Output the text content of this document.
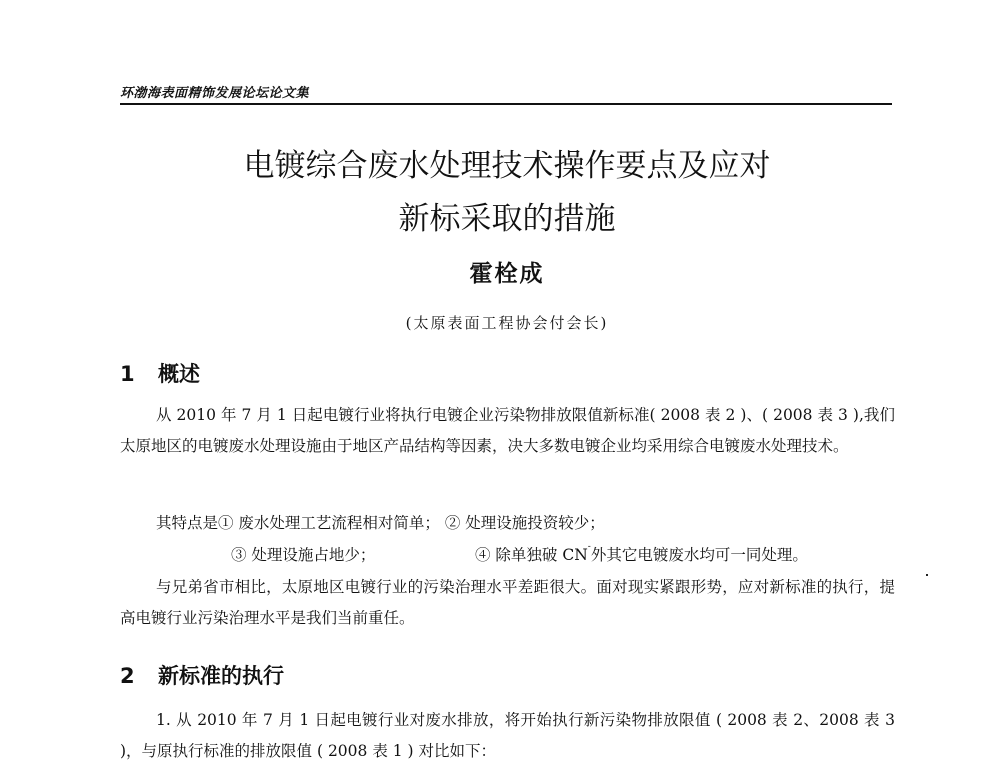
环渤海表面精饰发展论坛论文集
电镀综合废水处理技术操作要点及应对
新标采取的措施
霍栓成
(太原表面工程协会付会长)
1 概述
从 2010 年 7 月 1 日起电镀行业将执行电镀企业污染物排放限值新标准( 2008 表 2 )、( 2008 表 3 ),我们太原地区的电镀废水处理设施由于地区产品结构等因素，决大多数电镀企业均采用综合电镀废水处理技术。
其特点是① 废水处理工艺流程相对简单； ② 处理设施投资较少；
③ 处理设施占地少；	④ 除单独破 CN-外其它电镀废水均可一同处理。
与兄弟省市相比，太原地区电镀行业的污染治理水平差距很大。面对现实紧跟形势，应对新标准的执行，提高电镀行业污染治理水平是我们当前重任。
2 新标准的执行
1. 从 2010 年 7 月 1 日起电镀行业对废水排放，将开始执行新污染物排放限值 ( 2008 表 2、2008 表 3 )，与原执行标准的排放限值 ( 2008 表 1 ) 对比如下：
